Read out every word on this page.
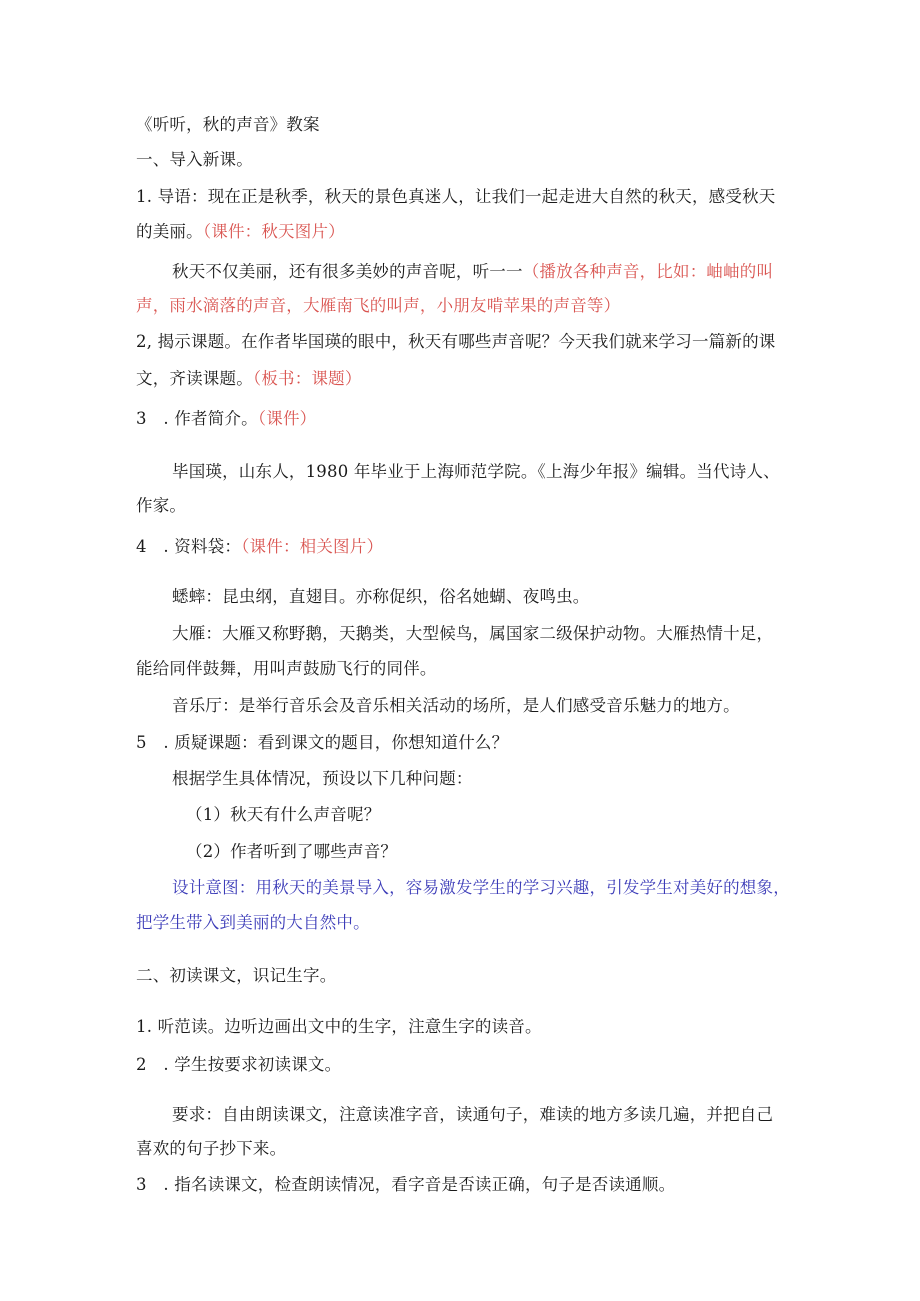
《听听，秋的声音》教案
一、导入新课。
1. 导语：现在正是秋季，秋天的景色真迷人，让我们一起走进大自然的秋天，感受秋天
的美丽。（课件：秋天图片）
秋天不仅美丽，还有很多美妙的声音呢，听一一（播放各种声音，比如：岫岫的叫
声，雨水滴落的声音，大雁南飞的叫声，小朋友啃苹果的声音等）
2, 揭示课题。在作者毕国瑛的眼中，秋天有哪些声音呢？今天我们就来学习一篇新的课
文，齐读课题。（板书：课题）
3　. 作者简介。（课件）
毕国瑛，山东人，1980 年毕业于上海师范学院。《上海少年报》编辑。当代诗人、
作家。
4　. 资料袋：（课件：相关图片）
蟋蟀：昆虫纲，直翅目。亦称促织，俗名她蝴、夜鸣虫。
大雁：大雁又称野鹅，天鹅类，大型候鸟，属国家二级保护动物。大雁热情十足，
能给同伴鼓舞，用叫声鼓励飞行的同伴。
音乐厅：是举行音乐会及音乐相关活动的场所，是人们感受音乐魅力的地方。
5　. 质疑课题：看到课文的题目，你想知道什么？
根据学生具体情况，预设以下几种问题：
（1）秋天有什么声音呢？
（2）作者听到了哪些声音？
设计意图：用秋天的美景导入，容易激发学生的学习兴趣，引发学生对美好的想象，
把学生带入到美丽的大自然中。
二、初读课文，识记生字。
1. 听范读。边听边画出文中的生字，注意生字的读音。
2　. 学生按要求初读课文。
要求：自由朗读课文，注意读准字音，读通句子，难读的地方多读几遍，并把自己
喜欢的句子抄下来。
3　. 指名读课文，检查朗读情况，看字音是否读正确，句子是否读通顺。
